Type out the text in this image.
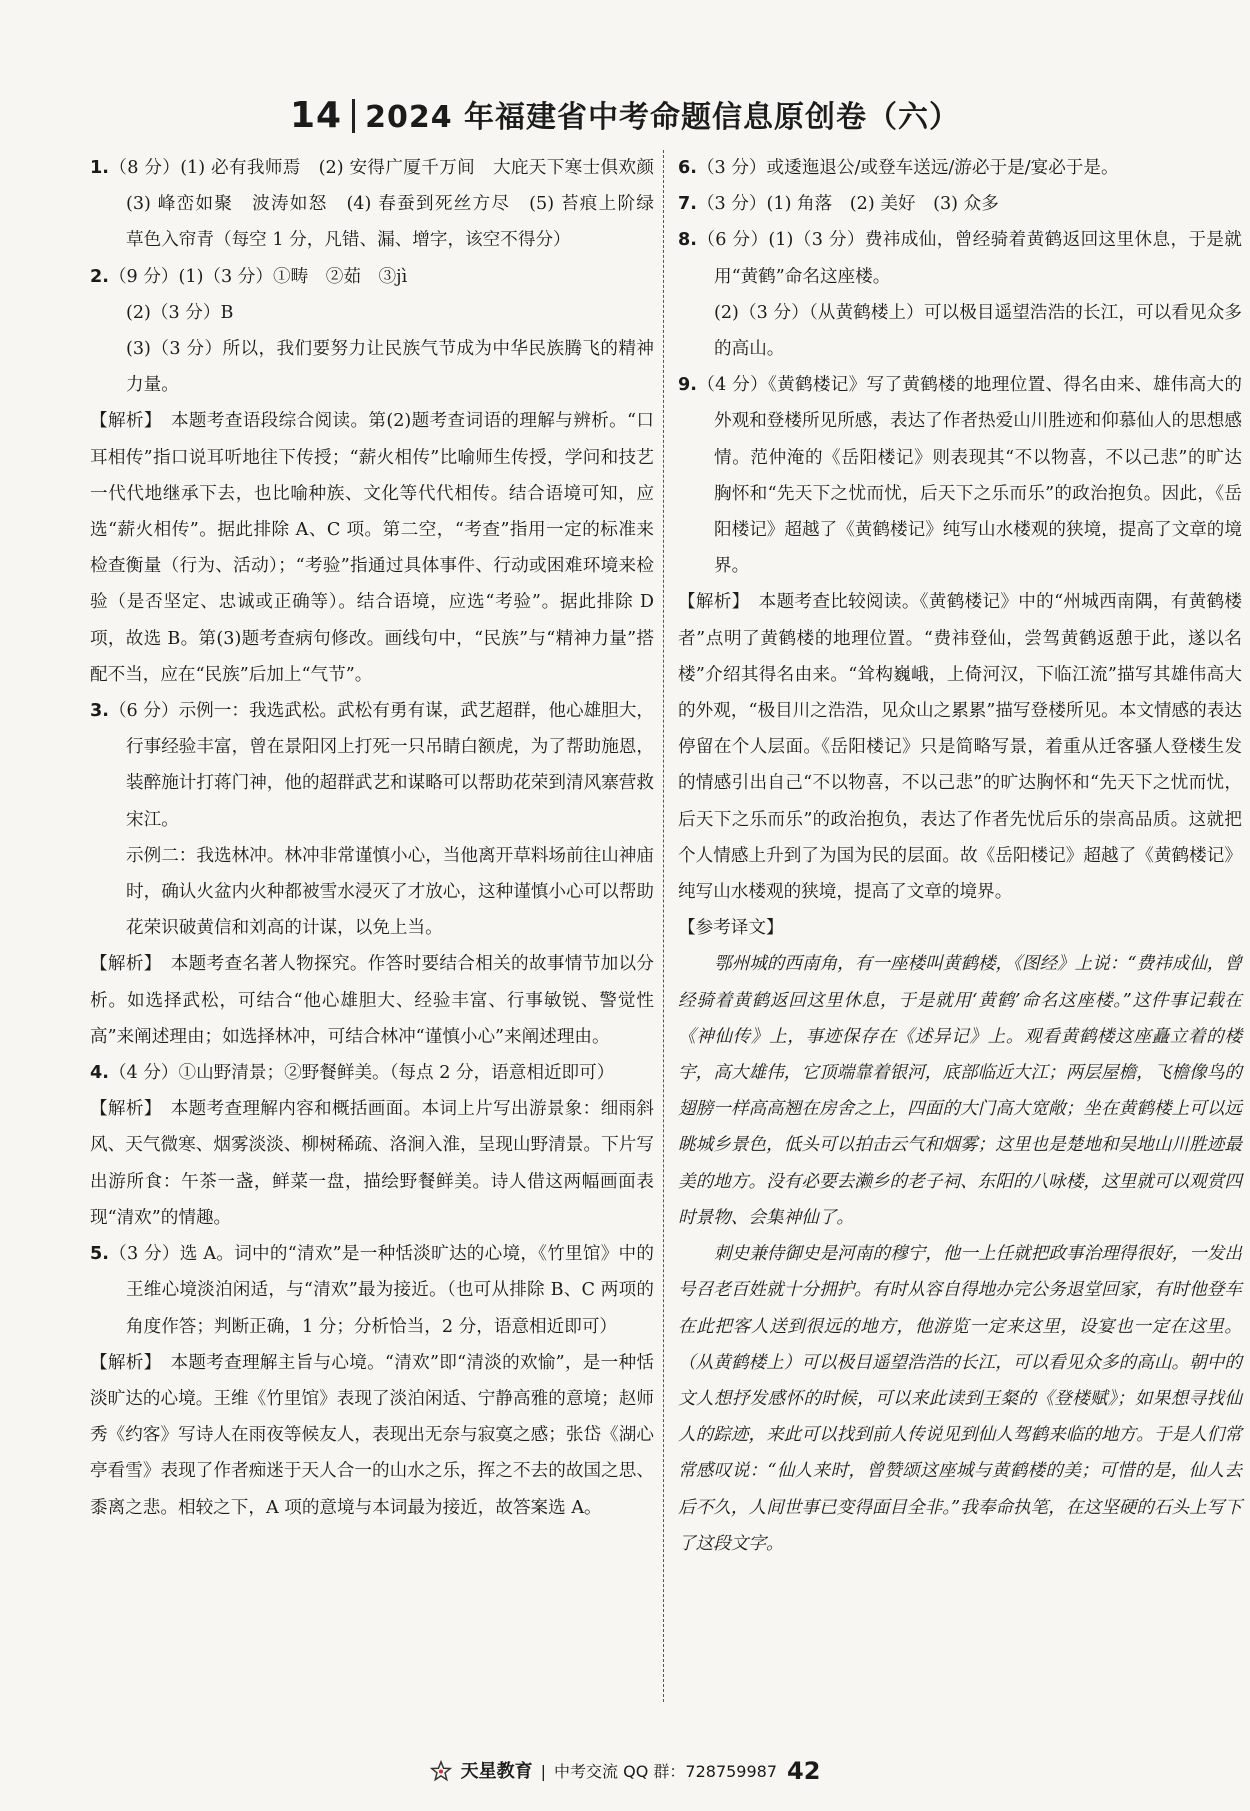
14 2024 年福建省中考命题信息原创卷（六）

1.（8 分）(1) 必有我师焉　(2) 安得广厦千万间　大庇天下寒士俱欢颜　(3) 峰峦如聚　波涛如怒　(4) 春蚕到死丝方尽　(5) 苔痕上阶绿　草色入帘青（每空 1 分，凡错、漏、增字，该空不得分）

2.（9 分）(1)（3 分）①畴　②茹　③jì

(2)（3 分）B

(3)（3 分）所以，我们要努力让民族气节成为中华民族腾飞的精神力量。

【解析】　本题考查语段综合阅读。第(2)题考查词语的理解与辨析。“口耳相传”指口说耳听地往下传授；“薪火相传”比喻师生传授，学问和技艺一代代地继承下去，也比喻种族、文化等代代相传。结合语境可知，应选“薪火相传”。据此排除 A、C 项。第二空，“考查”指用一定的标准来检查衡量（行为、活动）；“考验”指通过具体事件、行动或困难环境来检验（是否坚定、忠诚或正确等）。结合语境，应选“考验”。据此排除 D 项，故选 B。第(3)题考查病句修改。画线句中，“民族”与“精神力量”搭配不当，应在“民族”后加上“气节”。

3.（6 分）示例一：我选武松。武松有勇有谋，武艺超群，他心雄胆大，行事经验丰富，曾在景阳冈上打死一只吊睛白额虎，为了帮助施恩，装醉施计打蒋门神，他的超群武艺和谋略可以帮助花荣到清风寨营救宋江。

示例二：我选林冲。林冲非常谨慎小心，当他离开草料场前往山神庙时，确认火盆内火种都被雪水浸灭了才放心，这种谨慎小心可以帮助花荣识破黄信和刘高的计谋，以免上当。

【解析】　本题考查名著人物探究。作答时要结合相关的故事情节加以分析。如选择武松，可结合“他心雄胆大、经验丰富、行事敏锐、警觉性高”来阐述理由；如选择林冲，可结合林冲“谨慎小心”来阐述理由。

4.（4 分）①山野清景；②野餐鲜美。（每点 2 分，语意相近即可）

【解析】　本题考查理解内容和概括画面。本词上片写出游景象：细雨斜风、天气微寒、烟雾淡淡、柳树稀疏、洛涧入淮，呈现山野清景。下片写出游所食：午茶一盏，鲜菜一盘，描绘野餐鲜美。诗人借这两幅画面表现“清欢”的情趣。

5.（3 分）选 A。词中的“清欢”是一种恬淡旷达的心境，《竹里馆》中的王维心境淡泊闲适，与“清欢”最为接近。（也可从排除 B、C 两项的角度作答；判断正确，1 分；分析恰当，2 分，语意相近即可）

【解析】　本题考查理解主旨与心境。“清欢”即“清淡的欢愉”，是一种恬淡旷达的心境。王维《竹里馆》表现了淡泊闲适、宁静高雅的意境；赵师秀《约客》写诗人在雨夜等候友人，表现出无奈与寂寞之感；张岱《湖心亭看雪》表现了作者痴迷于天人合一的山水之乐，挥之不去的故国之思、黍离之悲。相较之下，A 项的意境与本词最为接近，故答案选 A。

6.（3 分）或逶迤退公/或登车送远/游必于是/宴必于是。

7.（3 分）(1) 角落　(2) 美好　(3) 众多

8.（6 分）(1)（3 分）费祎成仙，曾经骑着黄鹤返回这里休息，于是就用“黄鹤”命名这座楼。

(2)（3 分）（从黄鹤楼上）可以极目遥望浩浩的长江，可以看见众多的高山。

9.（4 分）《黄鹤楼记》写了黄鹤楼的地理位置、得名由来、雄伟高大的外观和登楼所见所感，表达了作者热爱山川胜迹和仰慕仙人的思想感情。范仲淹的《岳阳楼记》则表现其“不以物喜，不以己悲”的旷达胸怀和“先天下之忧而忧，后天下之乐而乐”的政治抱负。因此，《岳阳楼记》超越了《黄鹤楼记》纯写山水楼观的狭境，提高了文章的境界。

【解析】　本题考查比较阅读。《黄鹤楼记》中的“州城西南隅，有黄鹤楼者”点明了黄鹤楼的地理位置。“费祎登仙，尝驾黄鹤返憩于此，遂以名楼”介绍其得名由来。“耸构巍峨，上倚河汉，下临江流”描写其雄伟高大的外观，“极目川之浩浩，见众山之累累”描写登楼所见。本文情感的表达停留在个人层面。《岳阳楼记》只是简略写景，着重从迁客骚人登楼生发的情感引出自己“不以物喜，不以己悲”的旷达胸怀和“先天下之忧而忧，后天下之乐而乐”的政治抱负，表达了作者先忧后乐的崇高品质。这就把个人情感上升到了为国为民的层面。故《岳阳楼记》超越了《黄鹤楼记》纯写山水楼观的狭境，提高了文章的境界。

【参考译文】

鄂州城的西南角，有一座楼叫黄鹤楼，《图经》上说：“费祎成仙，曾经骑着黄鹤返回这里休息，于是就用‘黄鹤’命名这座楼。”这件事记载在《神仙传》上，事迹保存在《述异记》上。观看黄鹤楼这座矗立着的楼宇，高大雄伟，它顶端靠着银河，底部临近大江；两层屋檐，飞檐像鸟的翅膀一样高高翘在房舍之上，四面的大门高大宽敞；坐在黄鹤楼上可以远眺城乡景色，低头可以拍击云气和烟雾；这里也是楚地和吴地山川胜迹最美的地方。没有必要去濑乡的老子祠、东阳的八咏楼，这里就可以观赏四时景物、会集神仙了。

刺史兼侍御史是河南的穆宁，他一上任就把政事治理得很好，一发出号召老百姓就十分拥护。有时从容自得地办完公务退堂回家，有时他登车在此把客人送到很远的地方，他游览一定来这里，设宴也一定在这里。（从黄鹤楼上）可以极目遥望浩浩的长江，可以看见众多的高山。朝中的文人想抒发感怀的时候，可以来此读到王粲的《登楼赋》；如果想寻找仙人的踪迹，来此可以找到前人传说见到仙人驾鹤来临的地方。于是人们常常感叹说：“仙人来时，曾赞颂这座城与黄鹤楼的美；可惜的是，仙人去后不久，人间世事已变得面目全非。”我奉命执笔，在这坚硬的石头上写下了这段文字。

天星教育 | 中考交流 QQ 群：728759987 42
